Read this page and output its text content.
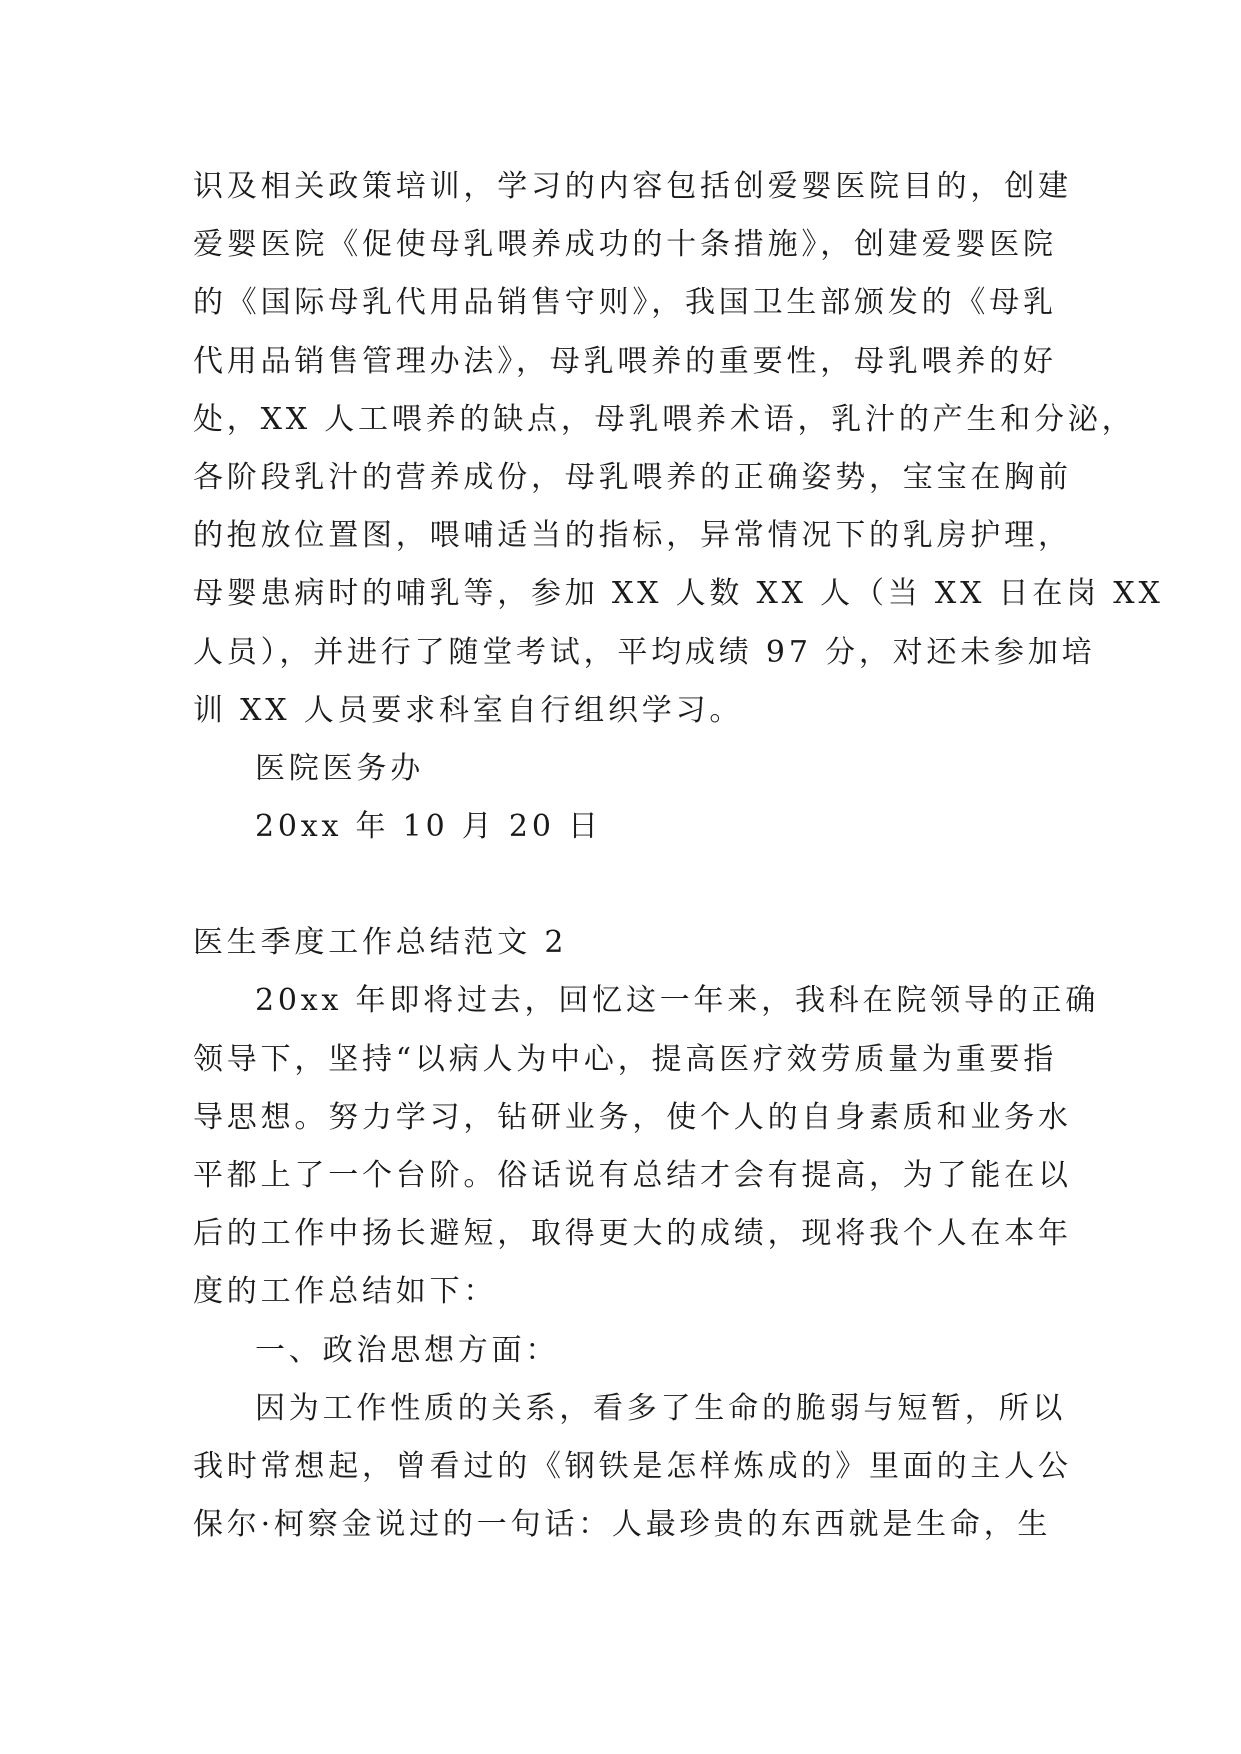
识及相关政策培训，学习的内容包括创爱婴医院目的，创建
爱婴医院《促使母乳喂养成功的十条措施》，创建爱婴医院
的《国际母乳代用品销售守则》，我国卫生部颁发的《母乳
代用品销售管理办法》，母乳喂养的重要性，母乳喂养的好
处，XX 人工喂养的缺点，母乳喂养术语，乳汁的产生和分泌，
各阶段乳汁的营养成份，母乳喂养的正确姿势，宝宝在胸前
的抱放位置图，喂哺适当的指标，异常情况下的乳房护理，
母婴患病时的哺乳等，参加 XX 人数 XX 人（当 XX 日在岗 XX
人员），并进行了随堂考试，平均成绩 97 分，对还未参加培
训 XX 人员要求科室自行组织学习。
医院医务办
20xx 年 10 月 20 日
医生季度工作总结范文 2
20xx 年即将过去，回忆这一年来，我科在院领导的正确
领导下，坚持“以病人为中心，提高医疗效劳质量为重要指
导思想。努力学习，钻研业务，使个人的自身素质和业务水
平都上了一个台阶。俗话说有总结才会有提高，为了能在以
后的工作中扬长避短，取得更大的成绩，现将我个人在本年
度的工作总结如下：
一、政治思想方面：
因为工作性质的关系，看多了生命的脆弱与短暂，所以
我时常想起，曾看过的《钢铁是怎样炼成的》里面的主人公
保尔·柯察金说过的一句话：人最珍贵的东西就是生命，生
